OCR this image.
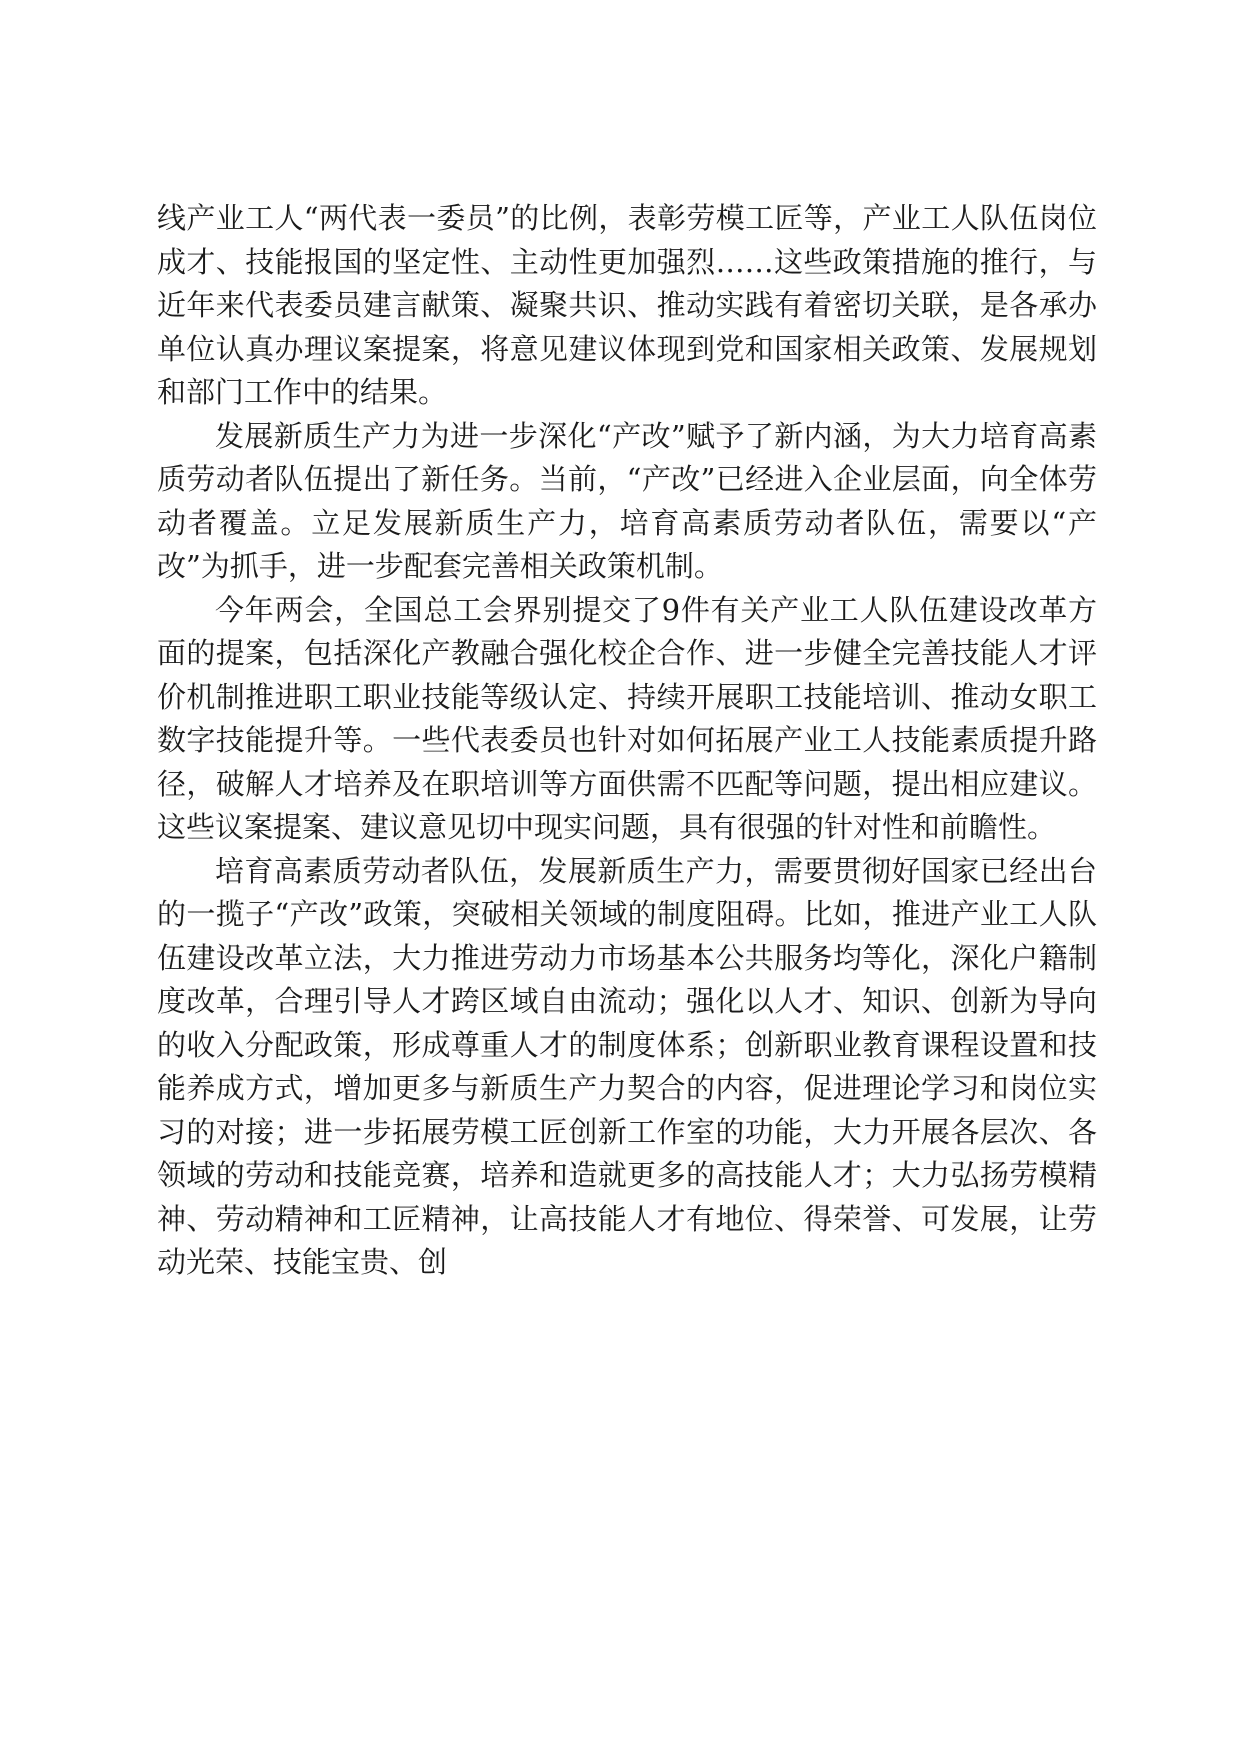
线产业工人“两代表一委员”的比例，表彰劳模工匠等，产业工人队伍岗位成才、技能报国的坚定性、主动性更加强烈……这些政策措施的推行，与近年来代表委员建言献策、凝聚共识、推动实践有着密切关联，是各承办单位认真办理议案提案，将意见建议体现到党和国家相关政策、发展规划和部门工作中的结果。

发展新质生产力为进一步深化“产改”赋予了新内涵，为大力培育高素质劳动者队伍提出了新任务。当前，“产改”已经进入企业层面，向全体劳动者覆盖。立足发展新质生产力，培育高素质劳动者队伍，需要以“产改”为抓手，进一步配套完善相关政策机制。

今年两会，全国总工会界别提交了9件有关产业工人队伍建设改革方面的提案，包括深化产教融合强化校企合作、进一步健全完善技能人才评价机制推进职工职业技能等级认定、持续开展职工技能培训、推动女职工数字技能提升等。一些代表委员也针对如何拓展产业工人技能素质提升路径，破解人才培养及在职培训等方面供需不匹配等问题，提出相应建议。这些议案提案、建议意见切中现实问题，具有很强的针对性和前瞻性。

培育高素质劳动者队伍，发展新质生产力，需要贯彻好国家已经出台的一揽子“产改”政策，突破相关领域的制度阻碍。比如，推进产业工人队伍建设改革立法，大力推进劳动力市场基本公共服务均等化，深化户籍制度改革，合理引导人才跨区域自由流动；强化以人才、知识、创新为导向的收入分配政策，形成尊重人才的制度体系；创新职业教育课程设置和技能养成方式，增加更多与新质生产力契合的内容，促进理论学习和岗位实习的对接；进一步拓展劳模工匠创新工作室的功能，大力开展各层次、各领域的劳动和技能竞赛，培养和造就更多的高技能人才；大力弘扬劳模精神、劳动精神和工匠精神，让高技能人才有地位、得荣誉、可发展，让劳动光荣、技能宝贵、创
